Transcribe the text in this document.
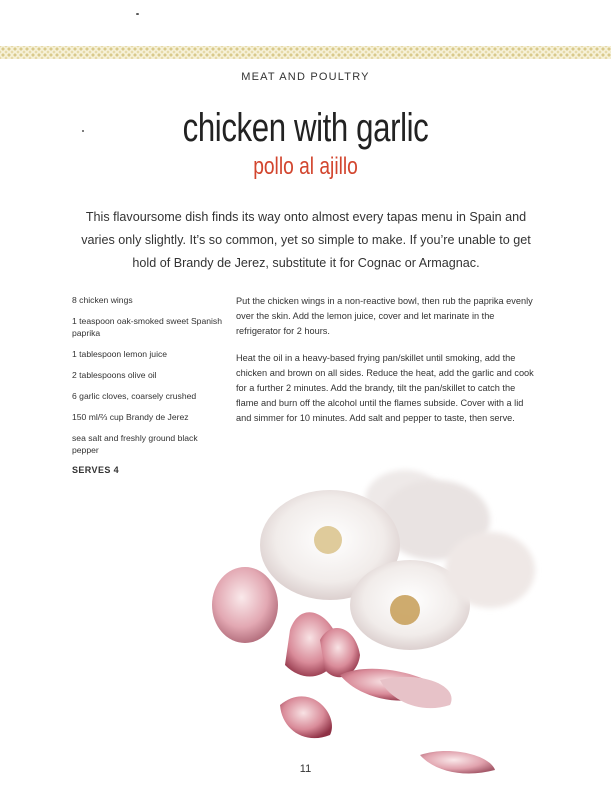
MEAT AND POULTRY
chicken with garlic
pollo al ajillo
This flavoursome dish finds its way onto almost every tapas menu in Spain and varies only slightly. It’s so common, yet so simple to make. If you’re unable to get hold of Brandy de Jerez, substitute it for Cognac or Armagnac.
8 chicken wings
1 teaspoon oak-smoked sweet Spanish paprika
1 tablespoon lemon juice
2 tablespoons olive oil
6 garlic cloves, coarsely crushed
150 ml/⅔ cup Brandy de Jerez
sea salt and freshly ground black pepper
SERVES 4

Put the chicken wings in a non-reactive bowl, then rub the paprika evenly over the skin. Add the lemon juice, cover and let marinate in the refrigerator for 2 hours.

Heat the oil in a heavy-based frying pan/skillet until smoking, add the chicken and brown on all sides. Reduce the heat, add the garlic and cook for a further 2 minutes. Add the brandy, tilt the pan/skillet to catch the flame and burn off the alcohol until the flames subside. Cover with a lid and simmer for 10 minutes. Add salt and pepper to taste, then serve.

11
